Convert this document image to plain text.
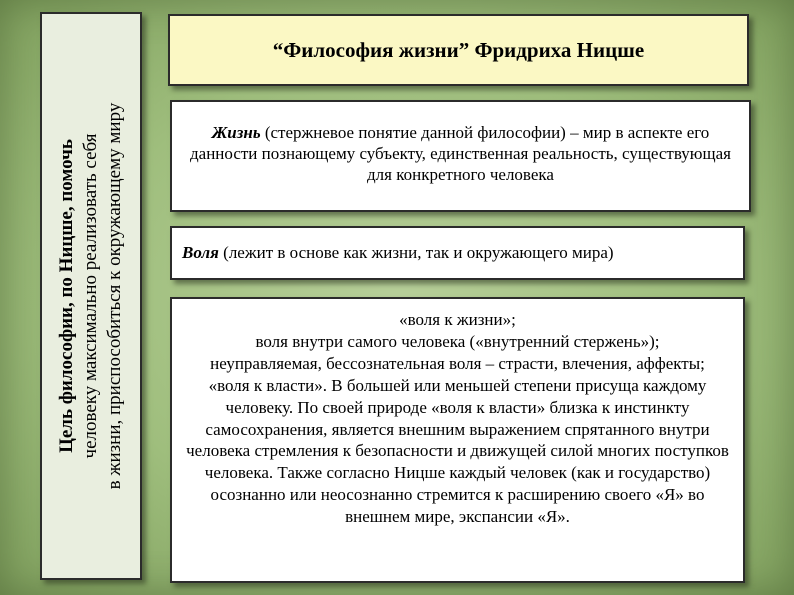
Цель философии, по Ницше, помочь человеку максимально реализовать себя в жизни, приспособиться к окружающему миру
“Философия жизни” Фридриха Ницше
Жизнь (стержневое понятие данной философии) – мир в аспекте его данности познающему субъекту, единственная реальность, существующая для конкретного человека
Воля (лежит в основе как жизни, так и окружающего мира)

«воля к жизни»;

воля внутри самого человека («внутренний стержень»);

неуправляемая, бессознательная воля – страсти, влечения, аффекты;

«воля к власти». В большей или меньшей степени присуща каждому человеку. По своей природе «воля к власти» близка к инстинкту самосохранения, является внешним выражением спрятанного внутри человека стремления к безопасности и движущей силой многих поступков человека. Также согласно Ницше каждый человек (как и государство) осознанно или неосознанно стремится к расширению своего «Я» во внешнем мире, экспансии «Я».
